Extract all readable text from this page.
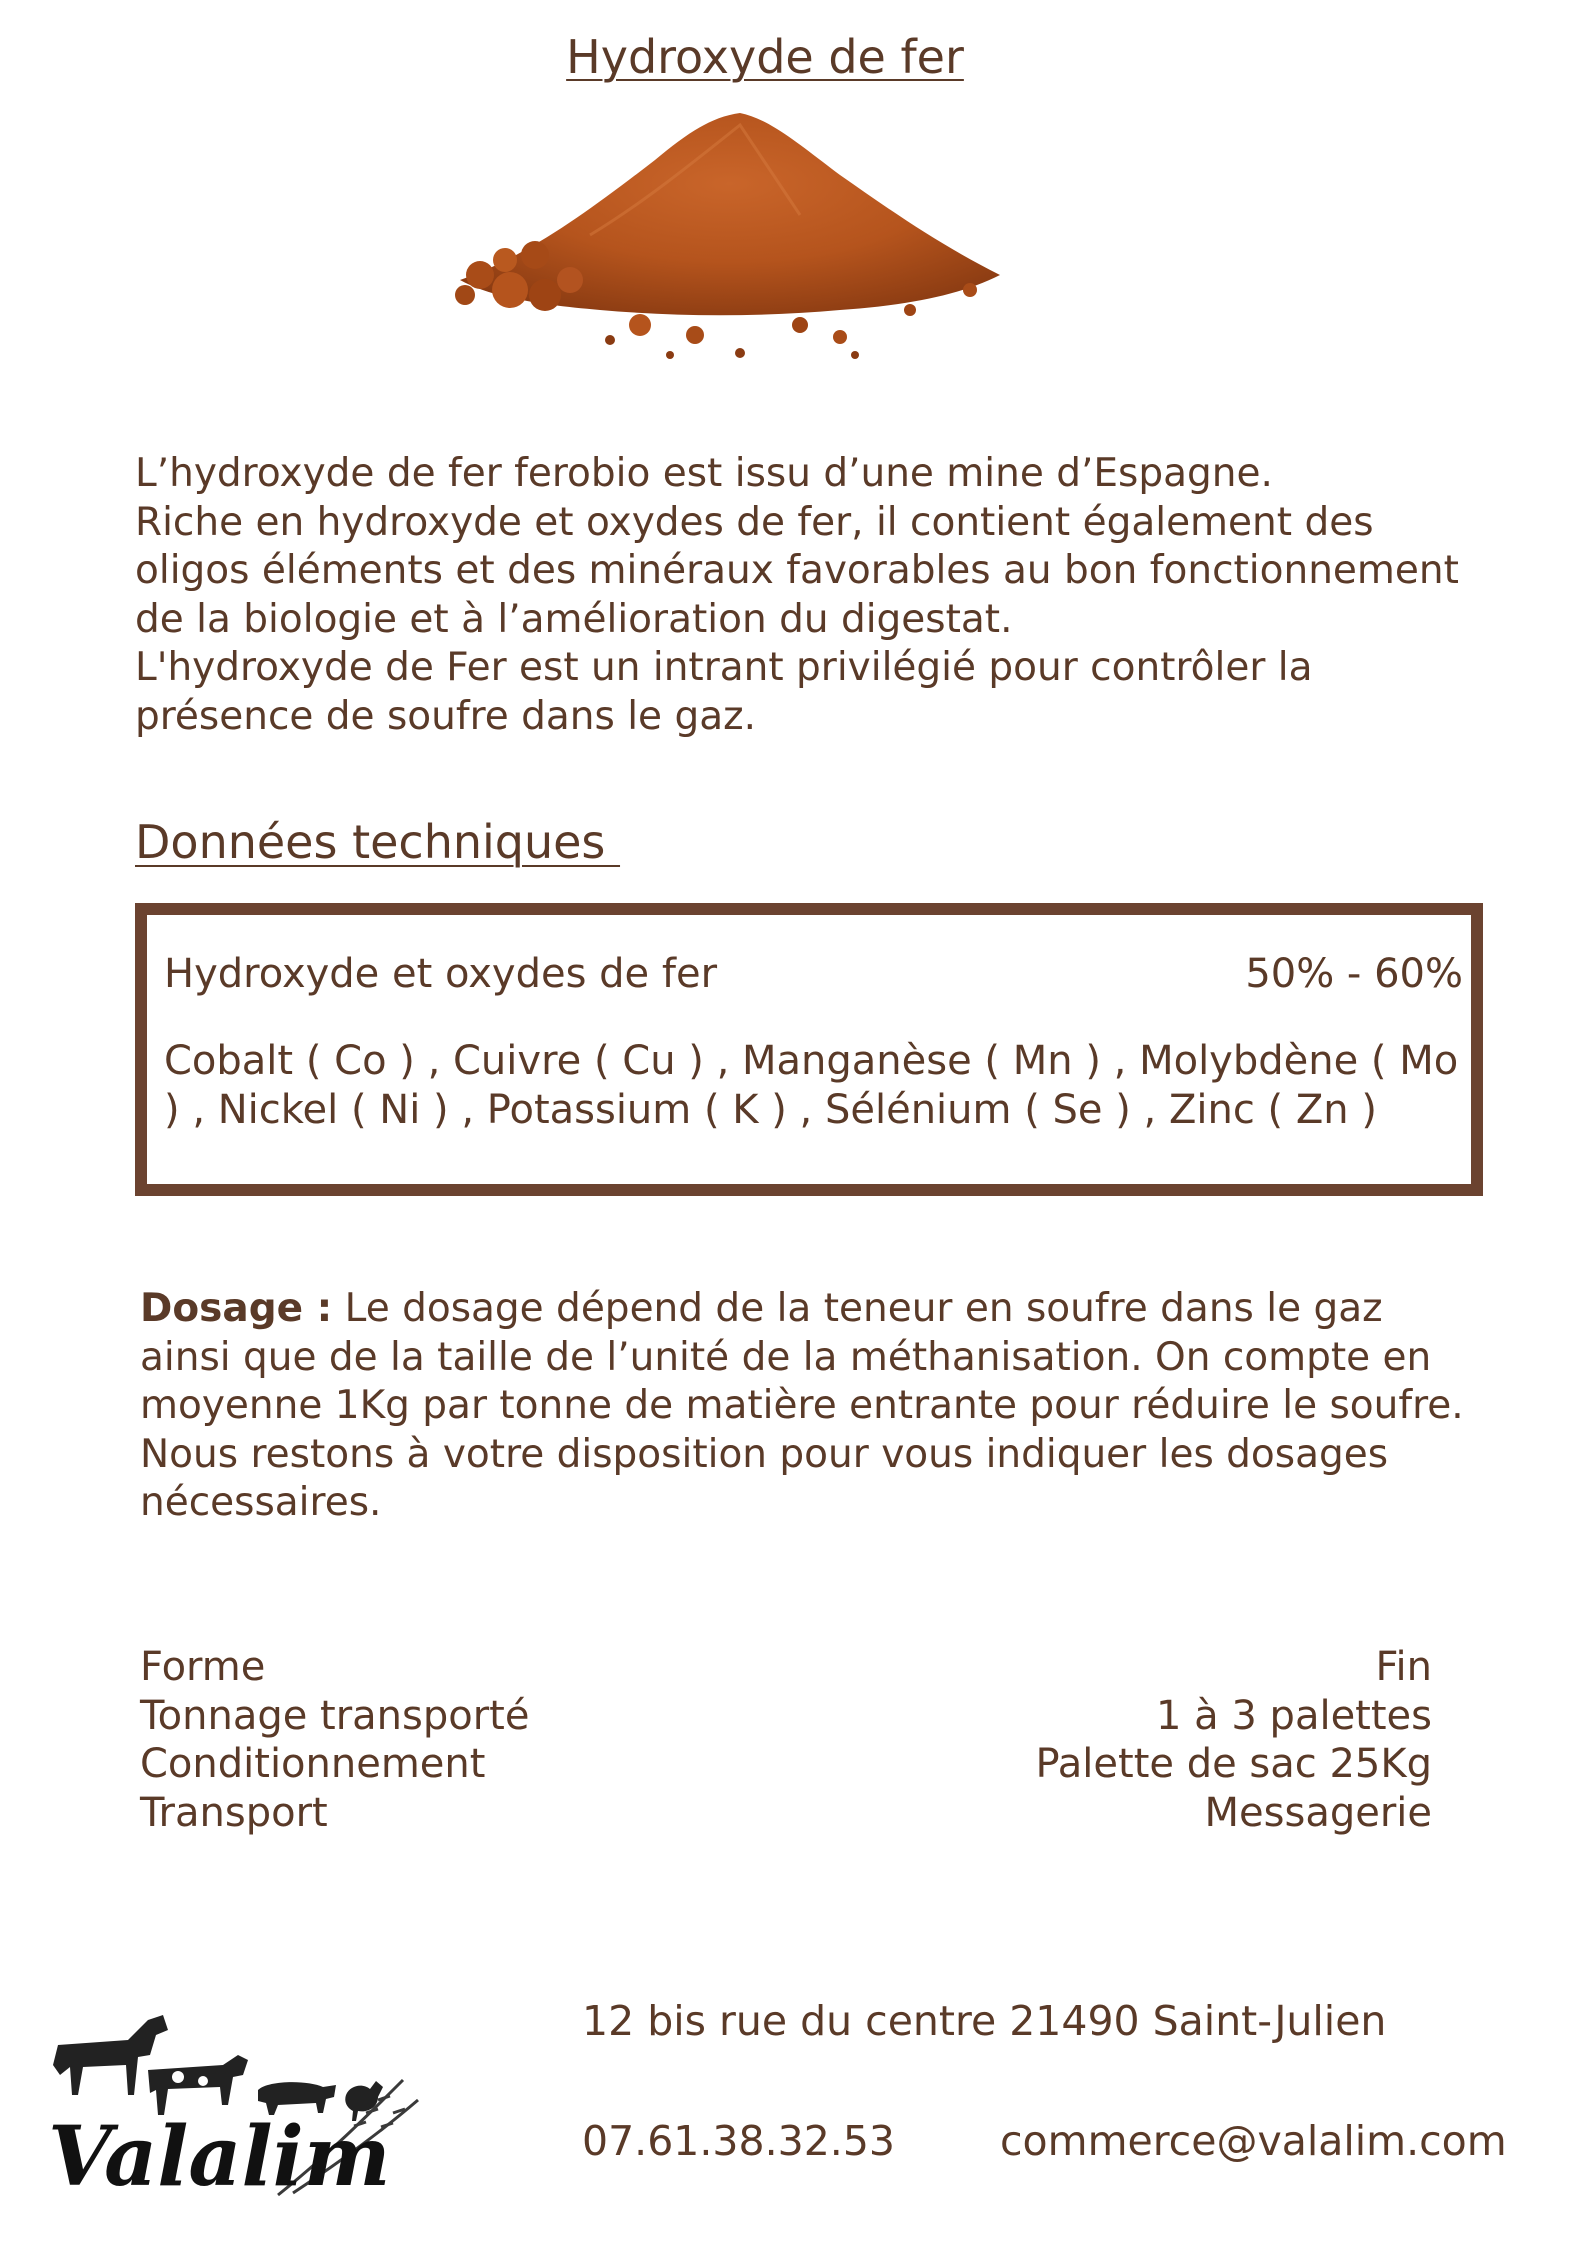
Hydroxyde de fer

L’hydroxyde de fer ferobio est issu d’une mine d’Espagne.

Riche en hydroxyde et oxydes de fer, il contient également des oligos éléments et des minéraux favorables au bon fonctionnement de la biologie et à l’amélioration du digestat.

L'hydroxyde de Fer est un intrant privilégié pour contrôler la présence de soufre dans le gaz.

Données techniques
Hydroxyde et oxydes de fer	50% - 60%
Cobalt ( Co ) , Cuivre ( Cu ) , Manganèse ( Mn ) , Molybdène ( Mo ) , Nickel ( Ni ) , Potassium ( K ) , Sélénium ( Se ) , Zinc ( Zn )

Dosage : Le dosage dépend de la teneur en soufre dans le gaz ainsi que de la taille de l’unité de la méthanisation. On compte en moyenne 1Kg par tonne de matière entrante pour réduire le soufre.

Nous restons à votre disposition pour vous indiquer les dosages nécessaires.

Forme	Fin
Tonnage transporté	1 à 3 palettes
Conditionnement	Palette de sac 25Kg
Transport	Messagerie
Valalim
12 bis rue du centre 21490 Saint-Julien
07.61.38.32.53	commerce@valalim.com
